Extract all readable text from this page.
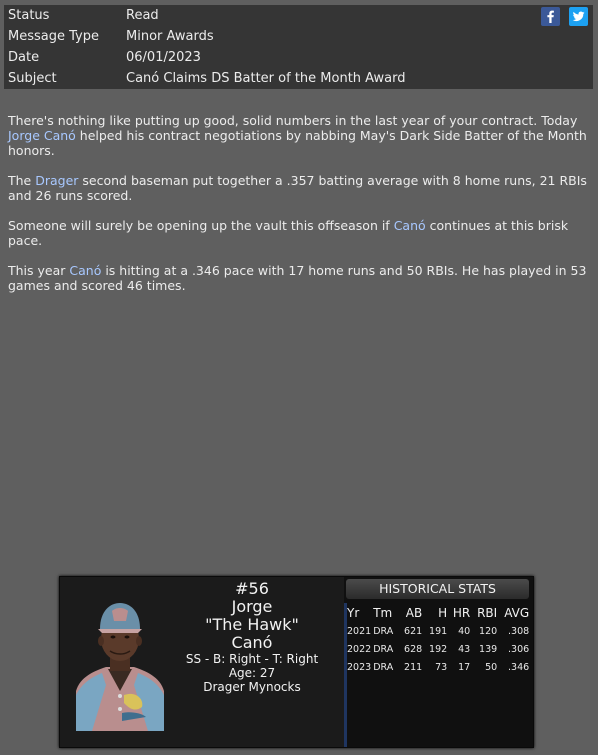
Status	Read
Message Type	Minor Awards
Date	06/01/2023
Subject	Canó Claims DS Batter of the Month Award

There's nothing like putting up good, solid numbers in the last year of your contract. Today Jorge Canó helped his contract negotiations by nabbing May's Dark Side Batter of the Month honors.

The Drager second baseman put together a .357 batting average with 8 home runs, 21 RBIs and 26 runs scored.

Someone will surely be opening up the vault this offseason if Canó continues at this brisk pace.

This year Canó is hitting at a .346 pace with 17 home runs and 50 RBIs. He has played in 53 games and scored 46 times.

#56
Jorge
"The Hawk"
Canó
SS - B: Right - T: Right
Age: 27
Drager Mynocks
HISTORICAL STATS
Yr	Tm	AB	H	HR	RBI	AVG
2021	DRA	621	191	40	120	.308
2022	DRA	628	192	43	139	.306
2023	DRA	211	73	17	50	.346
